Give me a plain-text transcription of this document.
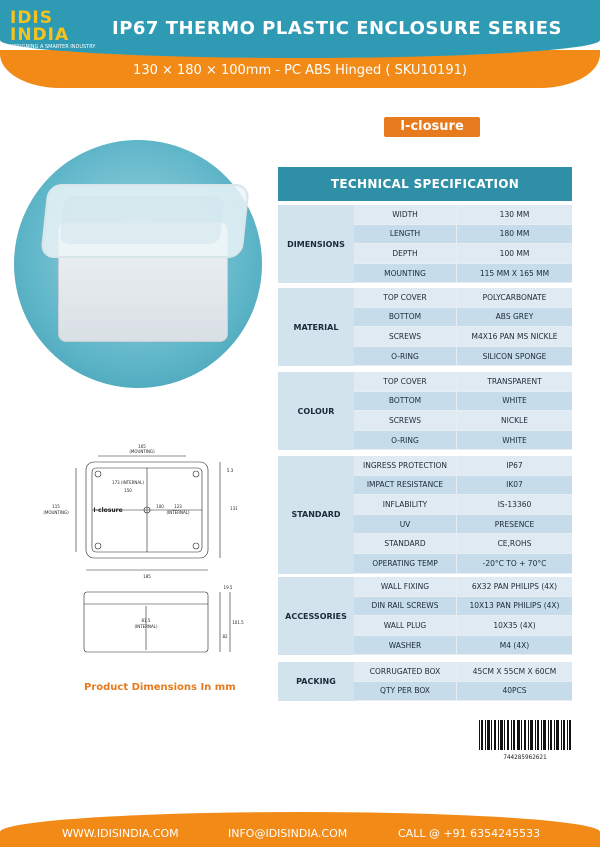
IDIS
INDIA
DESIGNING A SMARTER INDUSTRY
IP67 THERMO PLASTIC ENCLOSURE SERIES
130 × 180 × 100mm - PC ABS Hinged ( SKU10191)
I-closure
TECHNICAL SPECIFICATION
DIMENSIONS
WIDTH	130 MM
LENGTH	180 MM
DEPTH	100 MM
MOUNTING	115 MM X 165 MM
MATERIAL
TOP COVER	POLYCARBONATE
BOTTOM	ABS GREY
SCREWS	M4X16 PAN MS NICKLE
O-RING	SILICON SPONGE
COLOUR
TOP COVER	TRANSPARENT
BOTTOM	WHITE
SCREWS	NICKLE
O-RING	WHITE
STANDARD
INGRESS PROTECTION	IP67
IMPACT RESISTANCE	IK07
INFLABILITY	IS-13360
UV	PRESENCE
STANDARD	CE,ROHS
OPERATING TEMP	-20°C TO + 70°C
ACCESSORIES
WALL FIXING	6X32 PAN PHILIPS (4X)
DIN RAIL SCREWS	10X13 PAN PHILIPS (4X)
WALL PLUG	10X35 (4X)
WASHER	M4 (4X)
PACKING
CORRUGATED BOX	45CM X 55CM X 60CM
QTY PER BOX	40PCS
165
(MOUNTING)
173 (INTERNAL)
150
115
(MOUNTING)
100	123
(INTERNAL)
5.3
131
185
I-closure
81.5
(INTERNAL)
19.5
101.5
82
Product Dimensions In mm
744285962621
WWW.IDISINDIA.COM	INFO@IDISINDIA.COM	CALL @ +91 6354245533
